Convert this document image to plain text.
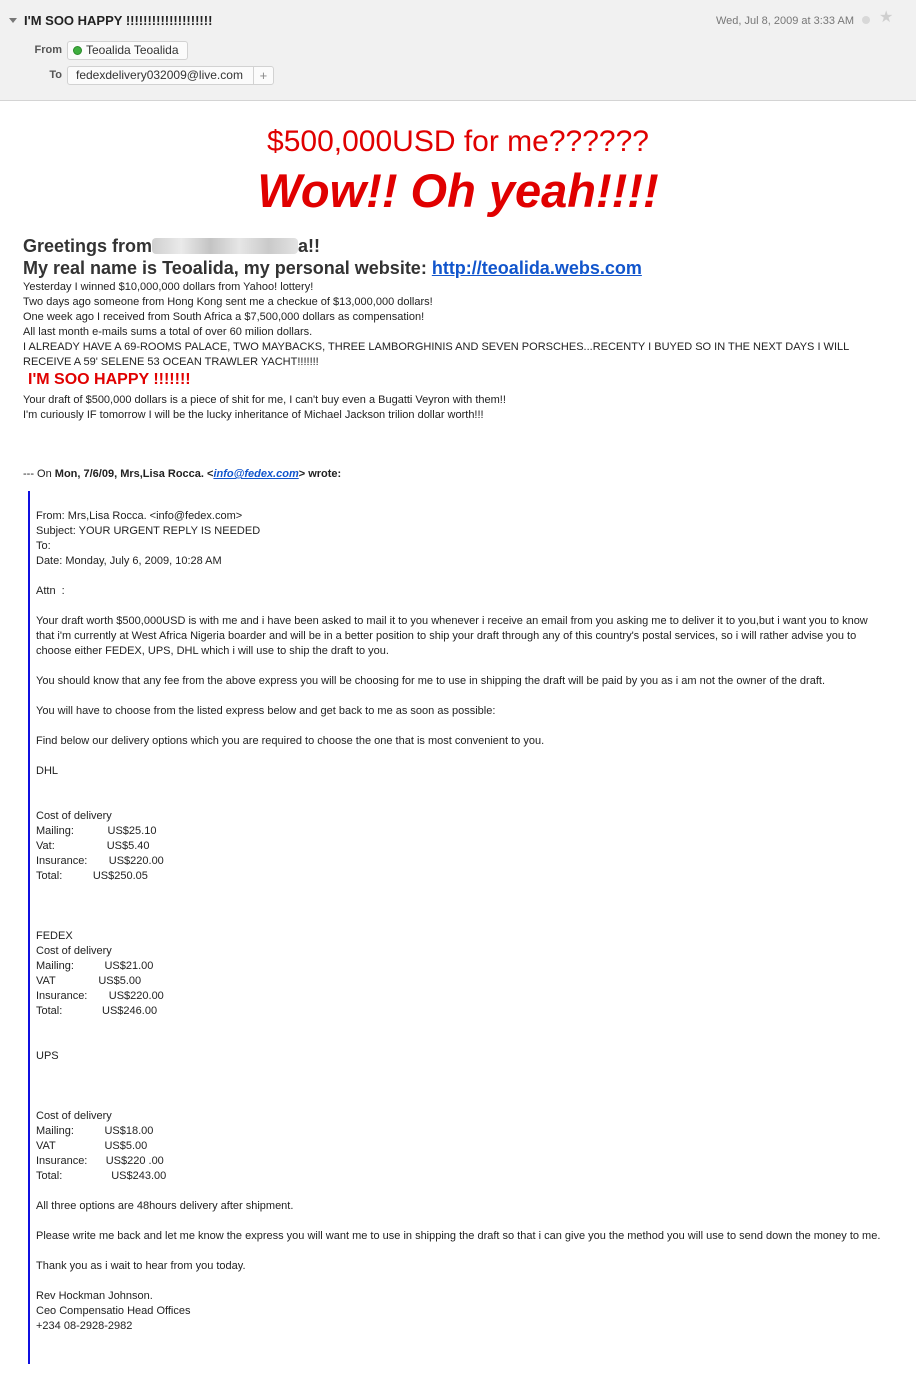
I'M SOO HAPPY !!!!!!!!!!!!!!!!!!!!	Wed, Jul 8, 2009 at 3:33 AM ★
From	Teoalida Teoalida
To	fedexdelivery032009@live.com	+
$500,000USD for me??????
Wow!! Oh yeah!!!!
Greetings from	a!!
My real name is Teoalida, my personal website: http://teoalida.webs.com
Yesterday I winned $10,000,000 dollars from Yahoo! lottery!
Two days ago someone from Hong Kong sent me a checkue of $13,000,000 dollars!
One week ago I received from South Africa a $7,500,000 dollars as compensation!
All last month e-mails sums a total of over 60 milion dollars.
I ALREADY HAVE A 69-ROOMS PALACE, TWO MAYBACKS, THREE LAMBORGHINIS AND SEVEN PORSCHES...RECENTY I BUYED SO IN THE NEXT DAYS I WILL RECEIVE A 59' SELENE 53 OCEAN TRAWLER YACHT!!!!!!!
I'M SOO HAPPY !!!!!!!
Your draft of $500,000 dollars is a piece of shit for me, I can't buy even a Bugatti Veyron with them!!
I'm curiously IF tomorrow I will be the lucky inheritance of Michael Jackson trilion dollar worth!!!
--- On Mon, 7/6/09, Mrs,Lisa Rocca. <info@fedex.com> wrote:
From: Mrs,Lisa Rocca. <info@fedex.com>
Subject: YOUR URGENT REPLY IS NEEDED
To:
Date: Monday, July 6, 2009, 10:28 AM
Attn  :
Your draft worth $500,000USD is with me and i have been asked to mail it to you whenever i receive an email from you asking me to deliver it to you,but i want you to know that i'm currently at West Africa Nigeria boarder and will be in a better position to ship your draft through any of this country's postal services, so i will rather advise you to choose either FEDEX, UPS, DHL which i will use to ship the draft to you.
You should know that any fee from the above express you will be choosing for me to use in shipping the draft will be paid by you as i am not the owner of the draft.
You will have to choose from the listed express below and get back to me as soon as possible:
Find below our delivery options which you are required to choose the one that is most convenient to you.
DHL
Cost of delivery
Mailing:           US$25.10
Vat:                 US$5.40
Insurance:       US$220.00
Total:          US$250.05
FEDEX
Cost of delivery
Mailing:          US$21.00
VAT              US$5.00
Insurance:       US$220.00
Total:             US$246.00
UPS
Cost of delivery
Mailing:          US$18.00
VAT                US$5.00
Insurance:      US$220 .00
Total:                US$243.00
All three options are 48hours delivery after shipment.
Please write me back and let me know the express you will want me to use in shipping the draft so that i can give you the method you will use to send down the money to me.
Thank you as i wait to hear from you today.
Rev Hockman Johnson.
Ceo Compensatio Head Offices
+234 08-2928-2982
